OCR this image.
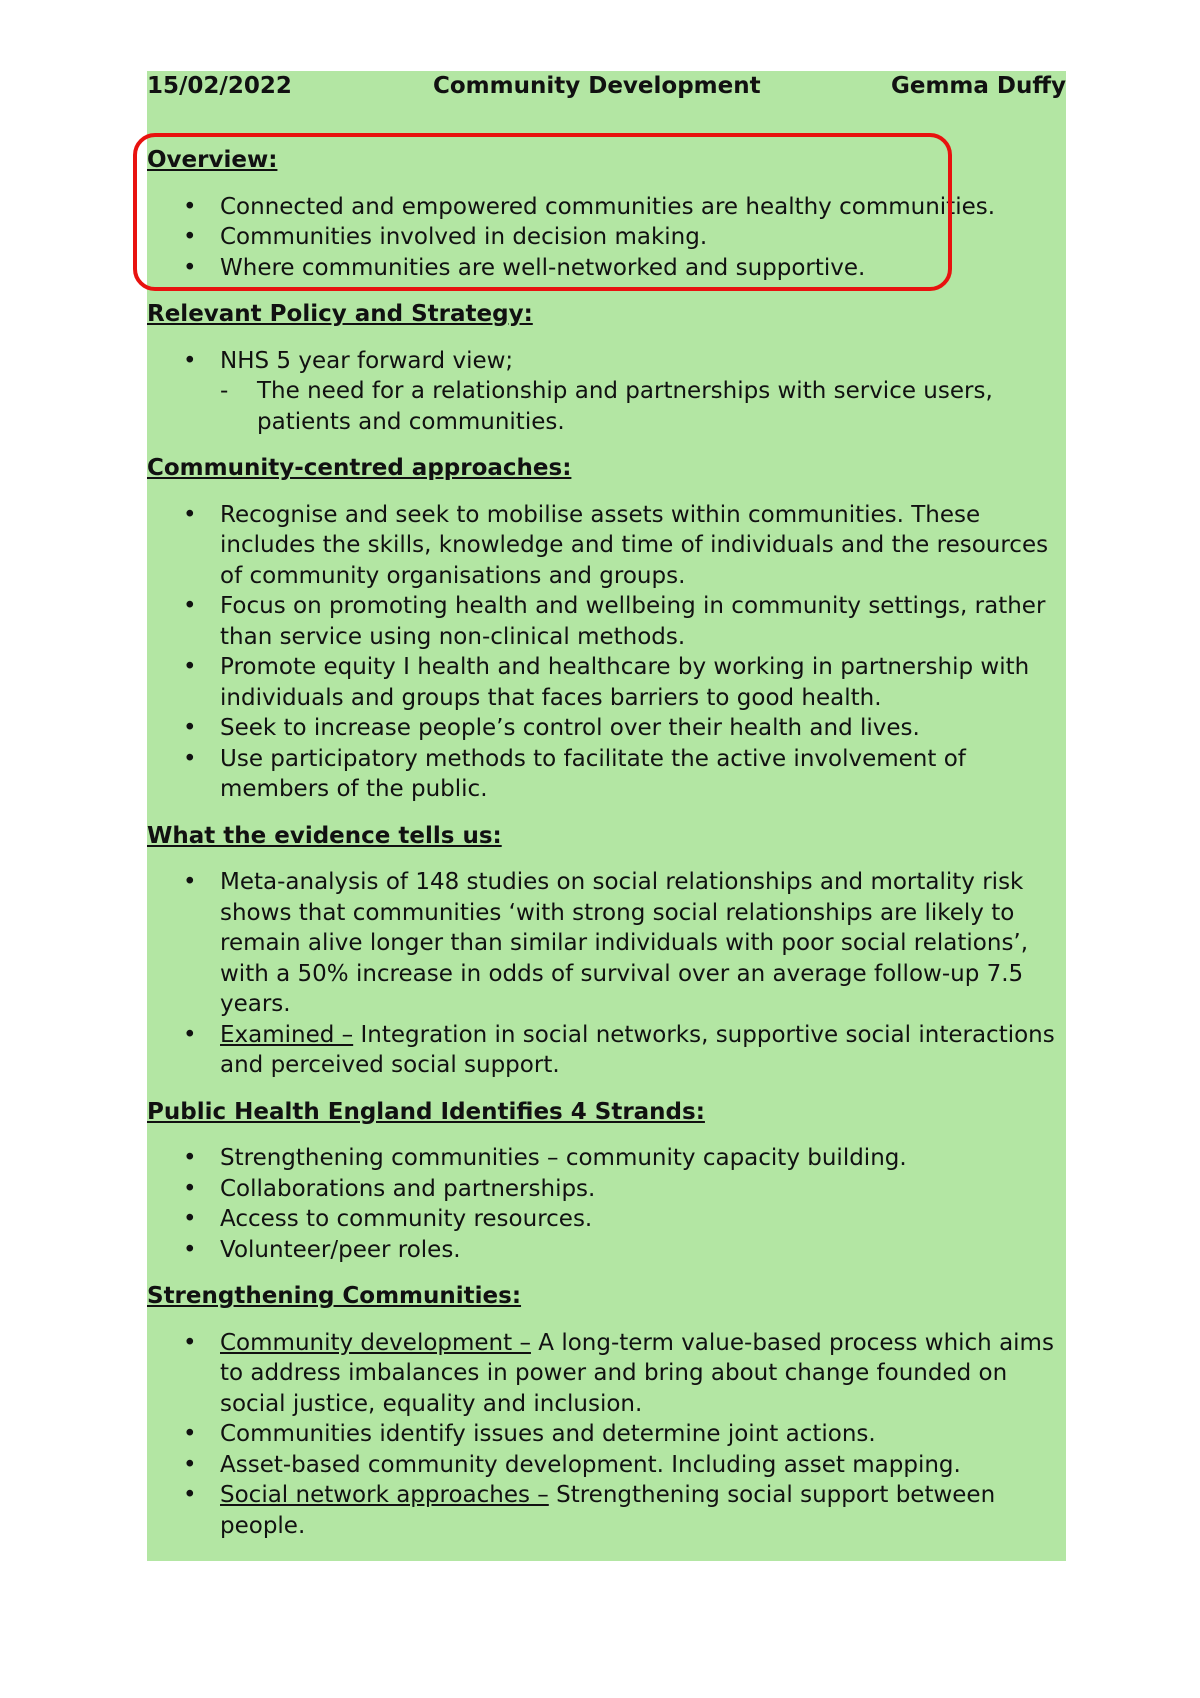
15/02/2022	Community Development	Gemma Duffy
Overview:
• Connected and empowered communities are healthy communities.
• Communities involved in decision making.
• Where communities are well-networked and supportive.
Relevant Policy and Strategy:
• NHS 5 year forward view;
- The need for a relationship and partnerships with service users, patients and communities.
Community-centred approaches:
• Recognise and seek to mobilise assets within communities. These includes the skills, knowledge and time of individuals and the resources of community organisations and groups.
• Focus on promoting health and wellbeing in community settings, rather than service using non-clinical methods.
• Promote equity I health and healthcare by working in partnership with individuals and groups that faces barriers to good health.
• Seek to increase people’s control over their health and lives.
• Use participatory methods to facilitate the active involvement of members of the public.
What the evidence tells us:
• Meta-analysis of 148 studies on social relationships and mortality risk shows that communities ‘with strong social relationships are likely to remain alive longer than similar individuals with poor social relations’, with a 50% increase in odds of survival over an average follow-up 7.5 years.
• Examined – Integration in social networks, supportive social interactions and perceived social support.
Public Health England Identifies 4 Strands:
• Strengthening communities – community capacity building.
• Collaborations and partnerships.
• Access to community resources.
• Volunteer/peer roles.
Strengthening Communities:
• Community development – A long-term value-based process which aims to address imbalances in power and bring about change founded on social justice, equality and inclusion.
• Communities identify issues and determine joint actions.
• Asset-based community development. Including asset mapping.
• Social network approaches – Strengthening social support between people.
